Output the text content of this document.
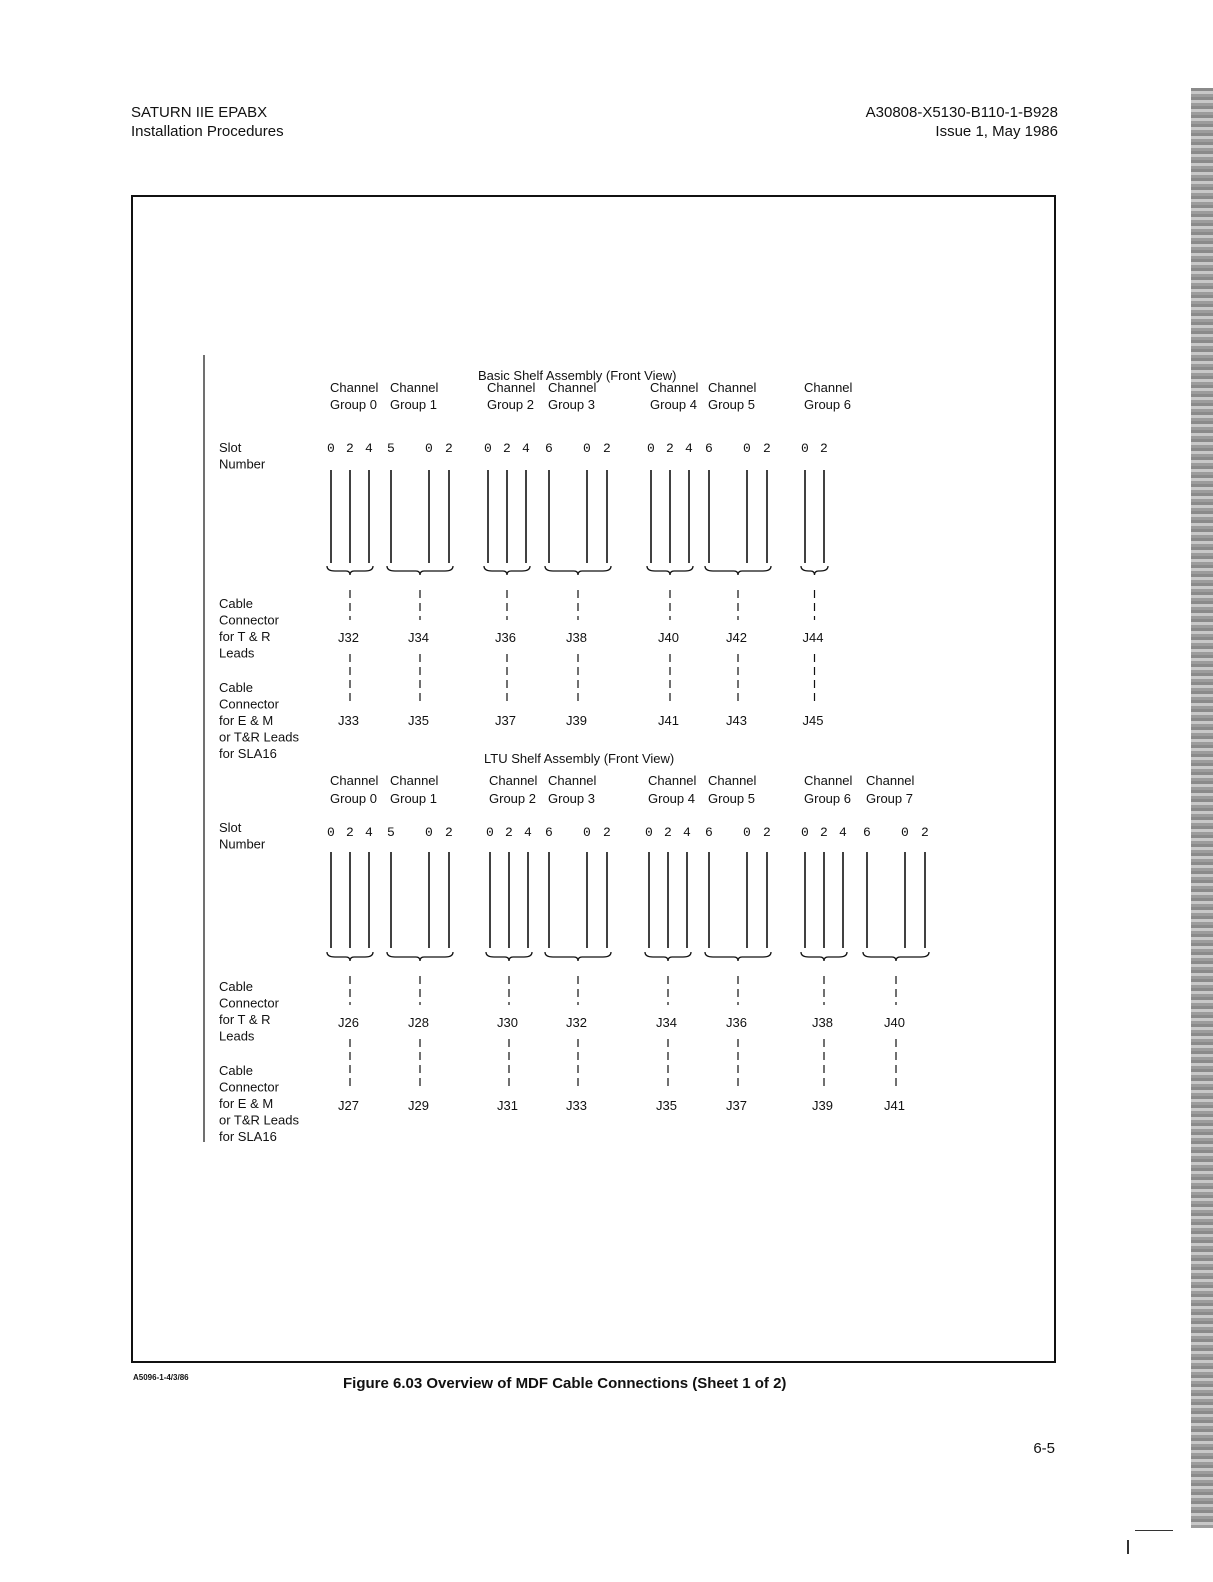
SATURN IIE EPABX
Installation Procedures
A30808-X5130-B110-1-B928
Issue 1, May 1986
Basic Shelf Assembly (Front View)
Slot
Number
Cable
Connector
for T & R
Leads
Cable
Connector
for E & M
or T&R Leads
for SLA16
Channel
Group 0
0 2 4
J32
J33
Channel
Group 1
5 0 2
J34
J35
Channel
Group 2
0 2 4
J36
J37
Channel
Group 3
6 0 2
J38
J39
Channel
Group 4
0 2 4
J40
J41
Channel
Group 5
6 0 2
J42
J43
Channel
Group 6
0 2
J44
J45
LTU Shelf Assembly (Front View)
Slot
Number
Cable
Connector
for T & R
Leads
Cable
Connector
for E & M
or T&R Leads
for SLA16
Channel
Group 0
0 2 4
J26
J27
Channel
Group 1
5 0 2
J28
J29
Channel
Group 2
0 2 4
J30
J31
Channel
Group 3
6 0 2
J32
J33
Channel
Group 4
0 2 4
J34
J35
Channel
Group 5
6 0 2
J36
J37
Channel
Group 6
0 2 4
J38
J39
Channel
Group 7
6 0 2
J40
J41
A5096-1-4/3/86	Figure 6.03 Overview of MDF Cable Connections (Sheet 1 of 2)
6-5
